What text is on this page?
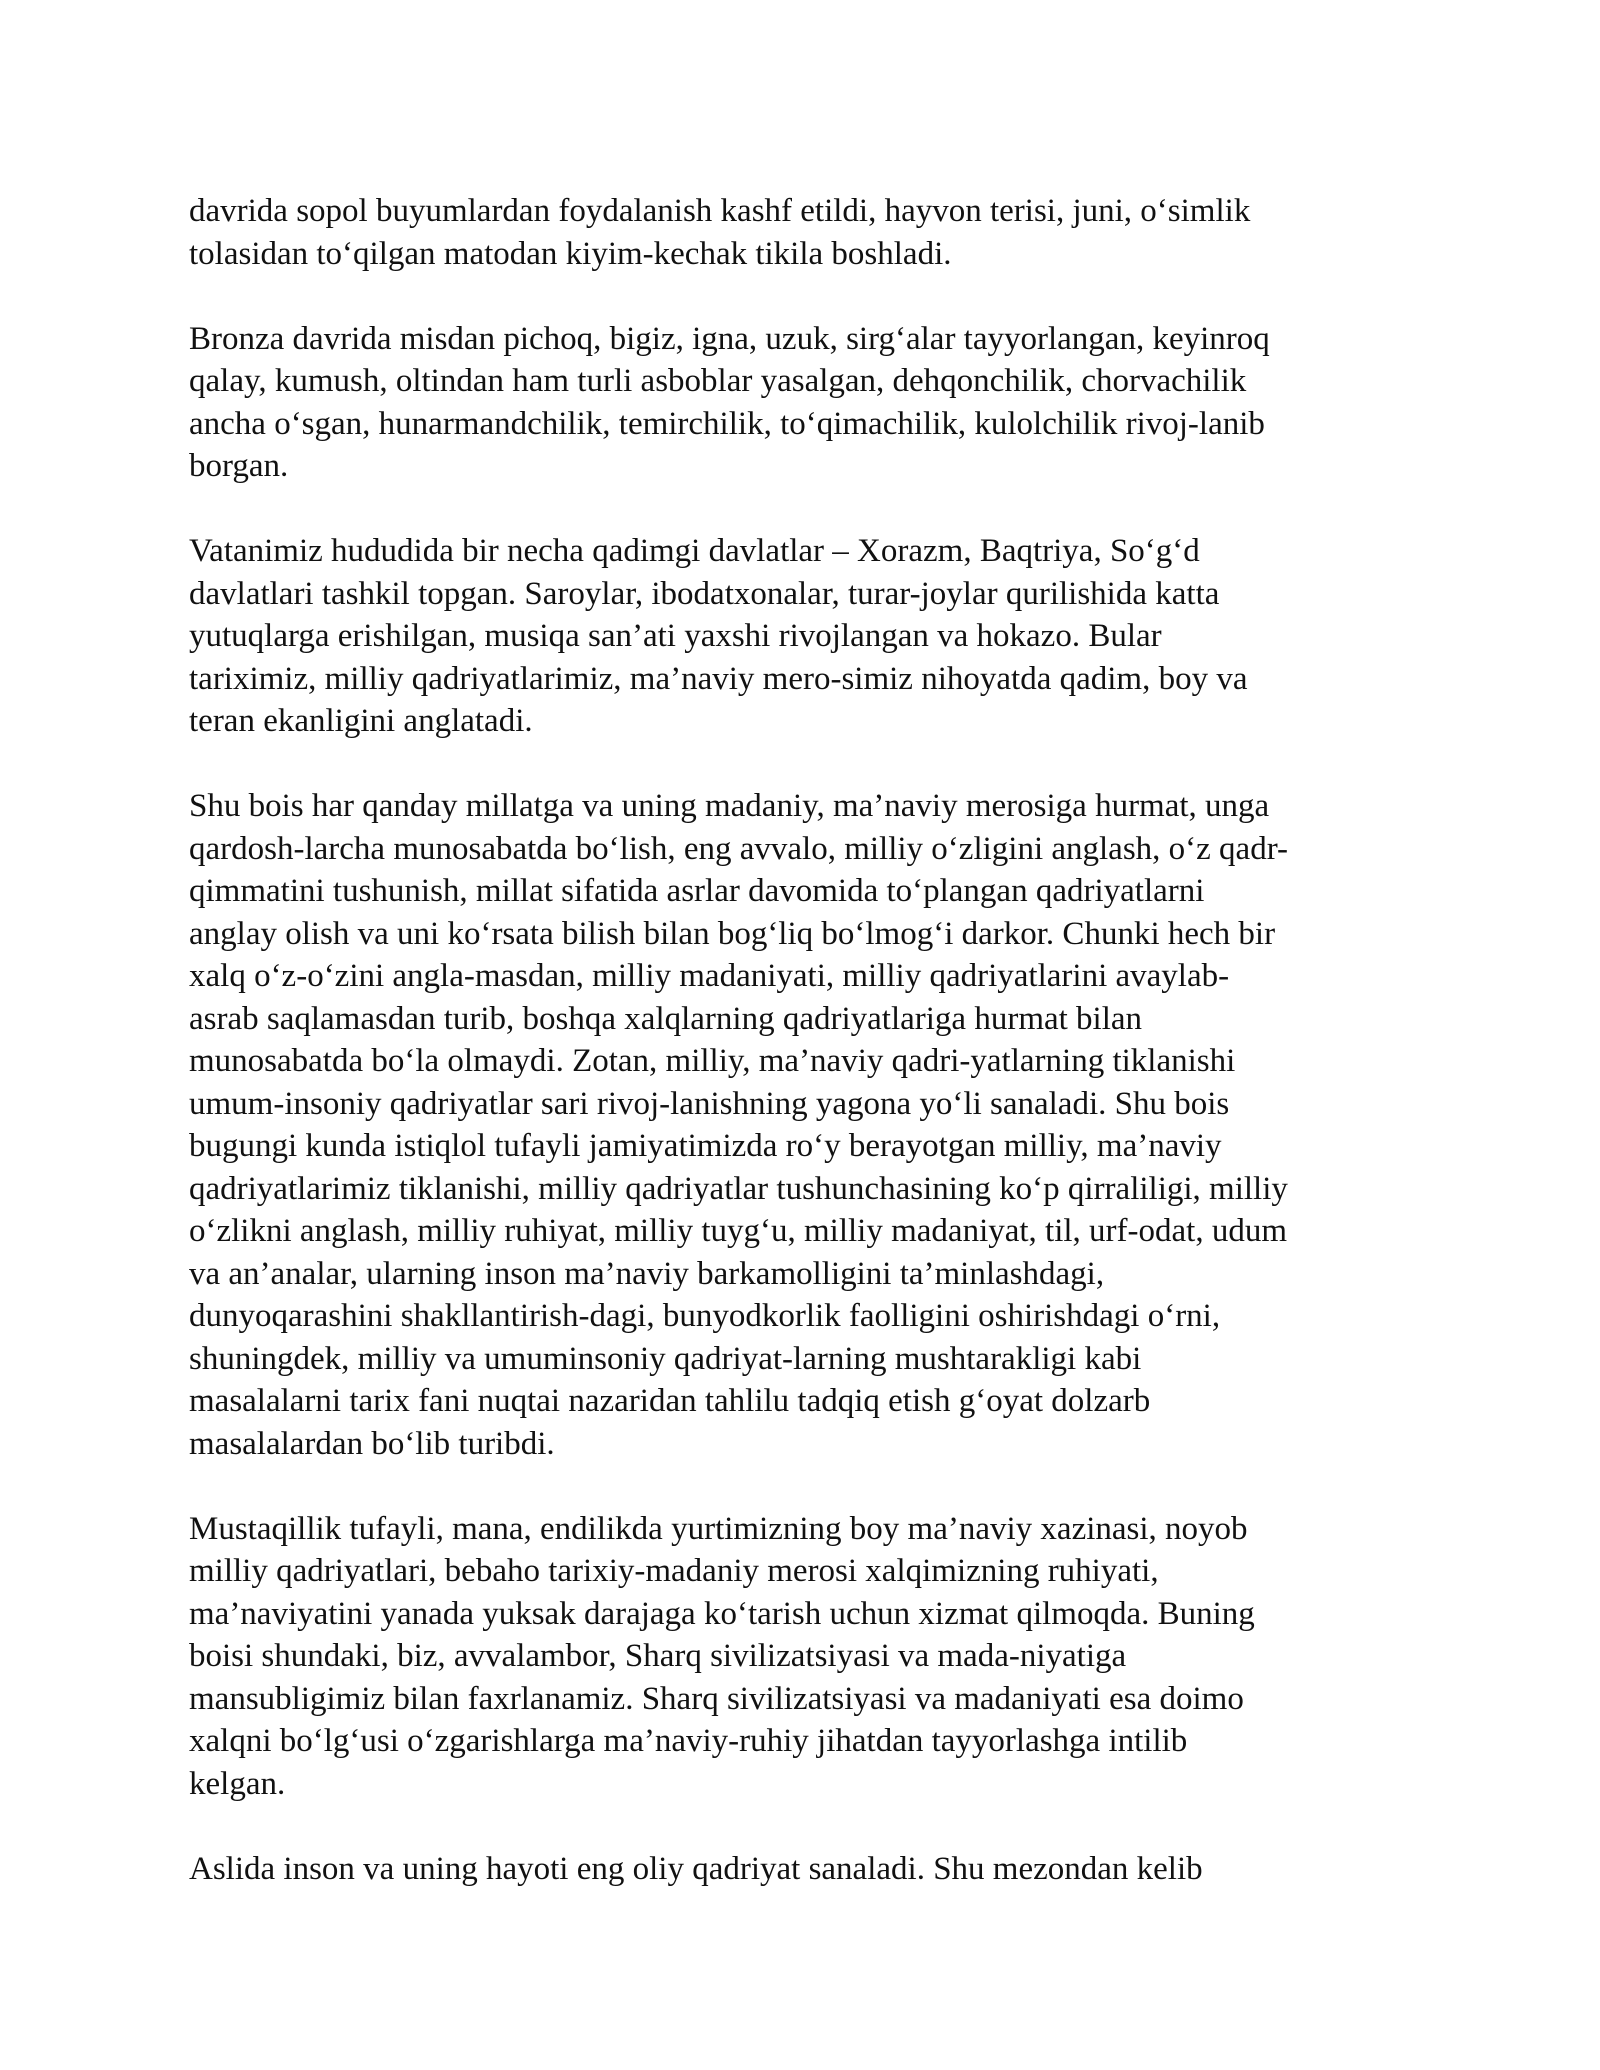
davrida sopol buyumlardan foydalanish kashf etildi, hayvon terisi, juni, o‘simlik
tolasidan to‘qilgan matodan kiyim-kechak tikila boshladi.

Bronza davrida misdan pichoq, bigiz, igna, uzuk, sirg‘alar tayyorlangan, keyinroq
qalay, kumush, oltindan ham turli asboblar yasalgan, dehqonchilik, chorvachilik
ancha o‘sgan, hunarmandchilik, temirchilik, to‘qimachilik, kulolchilik rivoj-lanib
borgan.

Vatanimiz hududida bir necha qadimgi davlatlar – Xorazm, Baqtriya, So‘g‘d
davlatlari tashkil topgan. Saroylar, ibodatxonalar, turar-joylar qurilishida katta
yutuqlarga erishilgan, musiqa san’ati yaxshi rivojlangan va hokazo. Bular
tariximiz, milliy qadriyatlarimiz, ma’naviy mero-simiz nihoyatda qadim, boy va
teran ekanligini anglatadi.

Shu bois har qanday millatga va uning madaniy, ma’naviy merosiga hurmat, unga
qardosh-larcha munosabatda bo‘lish, eng avvalo, milliy o‘zligini anglash, o‘z qadr-
qimmatini tushunish, millat sifatida asrlar davomida to‘plangan qadriyatlarni
anglay olish va uni ko‘rsata bilish bilan bog‘liq bo‘lmog‘i darkor. Chunki hech bir
xalq o‘z-o‘zini angla-masdan, milliy madaniyati, milliy qadriyatlarini avaylab-
asrab saqlamasdan turib, boshqa xalqlarning qadriyatlariga hurmat bilan
munosabatda bo‘la olmaydi. Zotan, milliy, ma’naviy qadri-yatlarning tiklanishi
umum-insoniy qadriyatlar sari rivoj-lanishning yagona yo‘li sanaladi. Shu bois
bugungi kunda istiqlol tufayli jamiyatimizda ro‘y berayotgan milliy, ma’naviy
qadriyatlarimiz tiklanishi, milliy qadriyatlar tushunchasining ko‘p qirraliligi, milliy
o‘zlikni anglash, milliy ruhiyat, milliy tuyg‘u, milliy madaniyat, til, urf-odat, udum
va an’analar, ularning inson ma’naviy barkamolligini ta’minlashdagi,
dunyoqarashini shakllantirish-dagi, bunyodkorlik faolligini oshirishdagi o‘rni,
shuningdek, milliy va umuminsoniy qadriyat-larning mushtarakligi kabi
masalalarni tarix fani nuqtai nazaridan tahlilu tadqiq etish g‘oyat dolzarb
masalalardan bo‘lib turibdi.

Mustaqillik tufayli, mana, endilikda yurtimizning boy ma’naviy xazinasi, noyob
milliy qadriyatlari, bebaho tarixiy-madaniy merosi xalqimizning ruhiyati,
ma’naviyatini yanada yuksak darajaga ko‘tarish uchun xizmat qilmoqda. Buning
boisi shundaki, biz, avvalambor, Sharq sivilizatsiyasi va mada-niyatiga
mansubligimiz bilan faxrlanamiz. Sharq sivilizatsiyasi va madaniyati esa doimo
xalqni bo‘lg‘usi o‘zgarishlarga ma’naviy-ruhiy jihatdan tayyorlashga intilib
kelgan.

Aslida inson va uning hayoti eng oliy qadriyat sanaladi. Shu mezondan kelib
